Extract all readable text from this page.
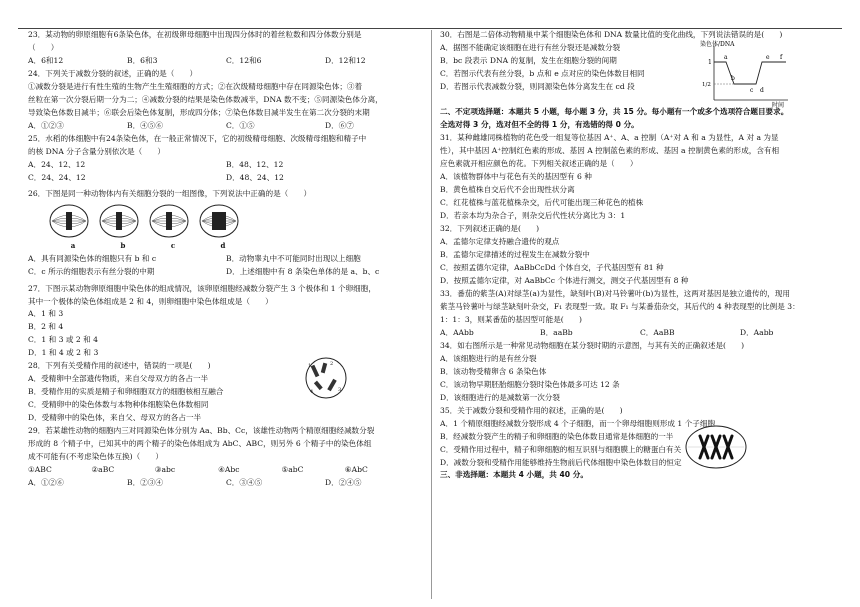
23．某动物的卵原细胞有6条染色体，在初级卵母细胞中出现四分体时的着丝粒数和四分体数分别是

（　　）

A．6和12	B．6和3	C．12和6	D．12和12

24．下列关于减数分裂的叙述，正确的是（　　）

①减数分裂是进行有性生殖的生物产生生殖细胞的方式；②在次级精母细胞中存在同源染色体；③着

丝粒在第一次分裂后期一分为二；④减数分裂的结果是染色体数减半，DNA 数不变；⑤同源染色体分离，

导致染色体数目减半；⑥联会后染色体复制，形成四分体；⑦染色体数目减半发生在第二次分裂的末期

A．①②③	B．④⑤⑥	C．①⑤	D．⑥⑦

25．水稻的体细胞中有24条染色体，在一般正常情况下，它的初级精母细胞、次级精母细胞和精子中

的核 DNA 分子含量分别依次是（　　）

A．24、12、12	B．48、12、12
C．24、24、12	D．48、24、12

26．下图是同一种动物体内有关细胞分裂的一组图像，下列说法中正确的是（　　）

a	b	c	d
A．具有同源染色体的细胞只有 b 和 c	B．动物睾丸中不可能同时出现以上细胞
C．c 所示的细胞表示有丝分裂的中期	D．上述细胞中有 8 条染色单体的是 a、b、c

27．下图示某动物卵原细胞中染色体的组成情况，该卵原细胞经减数分裂产生 3 个极体和 1 个卵细胞，

其中一个极体的染色体组成是 2 和 4，则卵细胞中染色体组成是（　　）

A．1 和 3

B．2 和 4

C．1 和 3 或 2 和 4

D．1 和 4 或 2 和 3

28．下列有关受精作用的叙述中，错误的一项是(　　)

A．受精卵中全部遗传物质，来自父母双方的各占一半

B．受精作用的实质是精子和卵细胞双方的细胞核相互融合

C．受精卵中的染色体数与本物种体细胞染色体数相同

D．受精卵中的染色体，来自父、母双方的各占一半

29．若某雄性动物的细胞内三对同源染色体分别为 Aa、Bb、Cc，该雄性动物两个精原细胞经减数分裂

形成的 8 个精子中，已知其中的两个精子的染色体组成为 AbC、ABC，则另外 6 个精子中的染色体组

成不可能有(不考虑染色体互换)（　　）

①ABC	②aBC	③abc	④Abc	⑤abC	⑥AbC
A．①②⑥	B．②③④	C．③④⑤	D．②④⑤

30．右图是二倍体动物精巢中某个细胞染色体和 DNA 数量比值的变化曲线，下列说法错误的是(　　)

A．据图不能确定该细胞在进行有丝分裂还是减数分裂

B．bc 段表示 DNA 的复制，发生在细胞分裂的间期

C．若图示代表有丝分裂，b 点和 e 点对应的染色体数目相同

D．若图示代表减数分裂，则同源染色体分离发生在 cd 段

二、不定项选择题：本题共 5 小题，每小题 3 分，共 15 分。每小题有一个或多个选项符合题目要求。

全选对得 3 分，选对但不全的得 1 分，有选错的得 0 分。

31．某种雌雄同株植物的花色受一组复等位基因 A⁺、A、a 控制（A⁺对 A 和 a 为显性，A 对 a 为显

性），其中基因 A⁺控制红色素的形成、基因 A 控制蓝色素的形成、基因 a 控制黄色素的形成，含有相

应色素就开相应颜色的花。下列相关叙述正确的是（　　）

A．该植物群体中与花色有关的基因型有 6 种

B．黄色植株自交后代不会出现性状分离

C．红花植株与蓝花植株杂交，后代可能出现三种花色的植株

D．若亲本均为杂合子，则杂交后代性状分离比为 3：1

32．下列叙述正确的是(　　)

A．孟德尔定律支持融合遗传的观点

B．孟德尔定律描述的过程发生在减数分裂中

C．按照孟德尔定律，AaBbCcDd 个体自交，子代基因型有 81 种

D．按照孟德尔定律，对 AaBbCc 个体进行测交，测交子代基因型有 8 种

33．番茄的紫茎(A)对绿茎(a)为显性，缺刻叶(B)对马铃薯叶(b)为显性，这两对基因是独立遗传的，现用

紫茎马铃薯叶与绿茎缺刻叶杂交，F₁ 表现型一致。取 F₁ 与某番茄杂交，其后代的 4 种表现型的比例是 3：

1：1：3，则某番茄的基因型可能是(　　)

A．AAbb	B．aaBb	C．AaBB	D．Aabb

34．如右图所示是一种常见动物细胞在某分裂时期的示意图，与其有关的正确叙述是(　　)

A．该细胞进行的是有丝分裂

B．该动物受精卵含 6 条染色体

C．该动物早期胚胎细胞分裂时染色体最多可达 12 条

D．该细胞进行的是减数第一次分裂

35．关于减数分裂和受精作用的叙述，正确的是(　　)

A．1 个精原细胞经减数分裂形成 4 个子细胞，而一个卵母细胞则形成 1 个子细胞

B．经减数分裂产生的精子和卵细胞的染色体数目通常是体细胞的一半

C．受精作用过程中，精子和卵细胞的相互识别与细胞膜上的糖蛋白有关

D．减数分裂和受精作用能够维持生物前后代体细胞中染色体数目的恒定

三、非选择题：本题共 4 小题，共 40 分。

1	2
3
4
染色体/DNA
1
1/2
时间
a
b
c d
e f
